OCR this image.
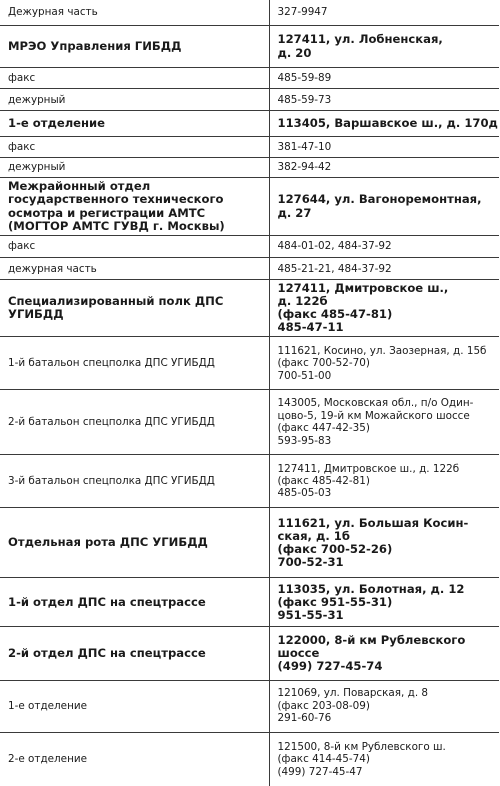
Дежурная часть	327-9947
МРЭО Управления ГИБДД	127411, ул. Лобненская,
д. 20
факс	485-59-89
дежурный	485-59-73
1-е отделение	113405, Варшавское ш., д. 170д
факс	381-47-10
дежурный	382-94-42
Межрайонный отдел государственного технического осмотра и регистрации АМТС (МОГТОР АМТС ГУВД г. Москвы)	127644, ул. Вагоноремонтная,
д. 27
факс	484-01-02, 484-37-92
дежурная часть	485-21-21, 484-37-92
Специализированный полк ДПС УГИБДД	127411, Дмитровское ш.,
д. 122б
(факс 485-47-81)
485-47-11
1-й батальон спецполка ДПС УГИБДД	111621, Косино, ул. Заозерная, д. 15б
(факс 700-52-70)
700-51-00
2-й батальон спецполка ДПС УГИБДД	143005, Московская обл., п/о Один-
цово-5, 19-й км Можайского шоссе
(факс 447-42-35)
593-95-83
3-й батальон спецполка ДПС УГИБДД	127411, Дмитровское ш., д. 122б
(факс 485-42-81)
485-05-03
Отдельная рота ДПС УГИБДД	111621, ул. Большая Косин-
ская, д. 1б
(факс 700-52-26)
700-52-31
1-й отдел ДПС на спецтрассе	113035, ул. Болотная, д. 12
(факс 951-55-31)
951-55-31
2-й отдел ДПС на спецтрассе	122000, 8-й км Рублевского
шоссе
(499) 727-45-74
1-е отделение	121069, ул. Поварская, д. 8
(факс 203-08-09)
291-60-76
2-е отделение	121500, 8-й км Рублевского ш.
(факс 414-45-74)
(499) 727-45-47
